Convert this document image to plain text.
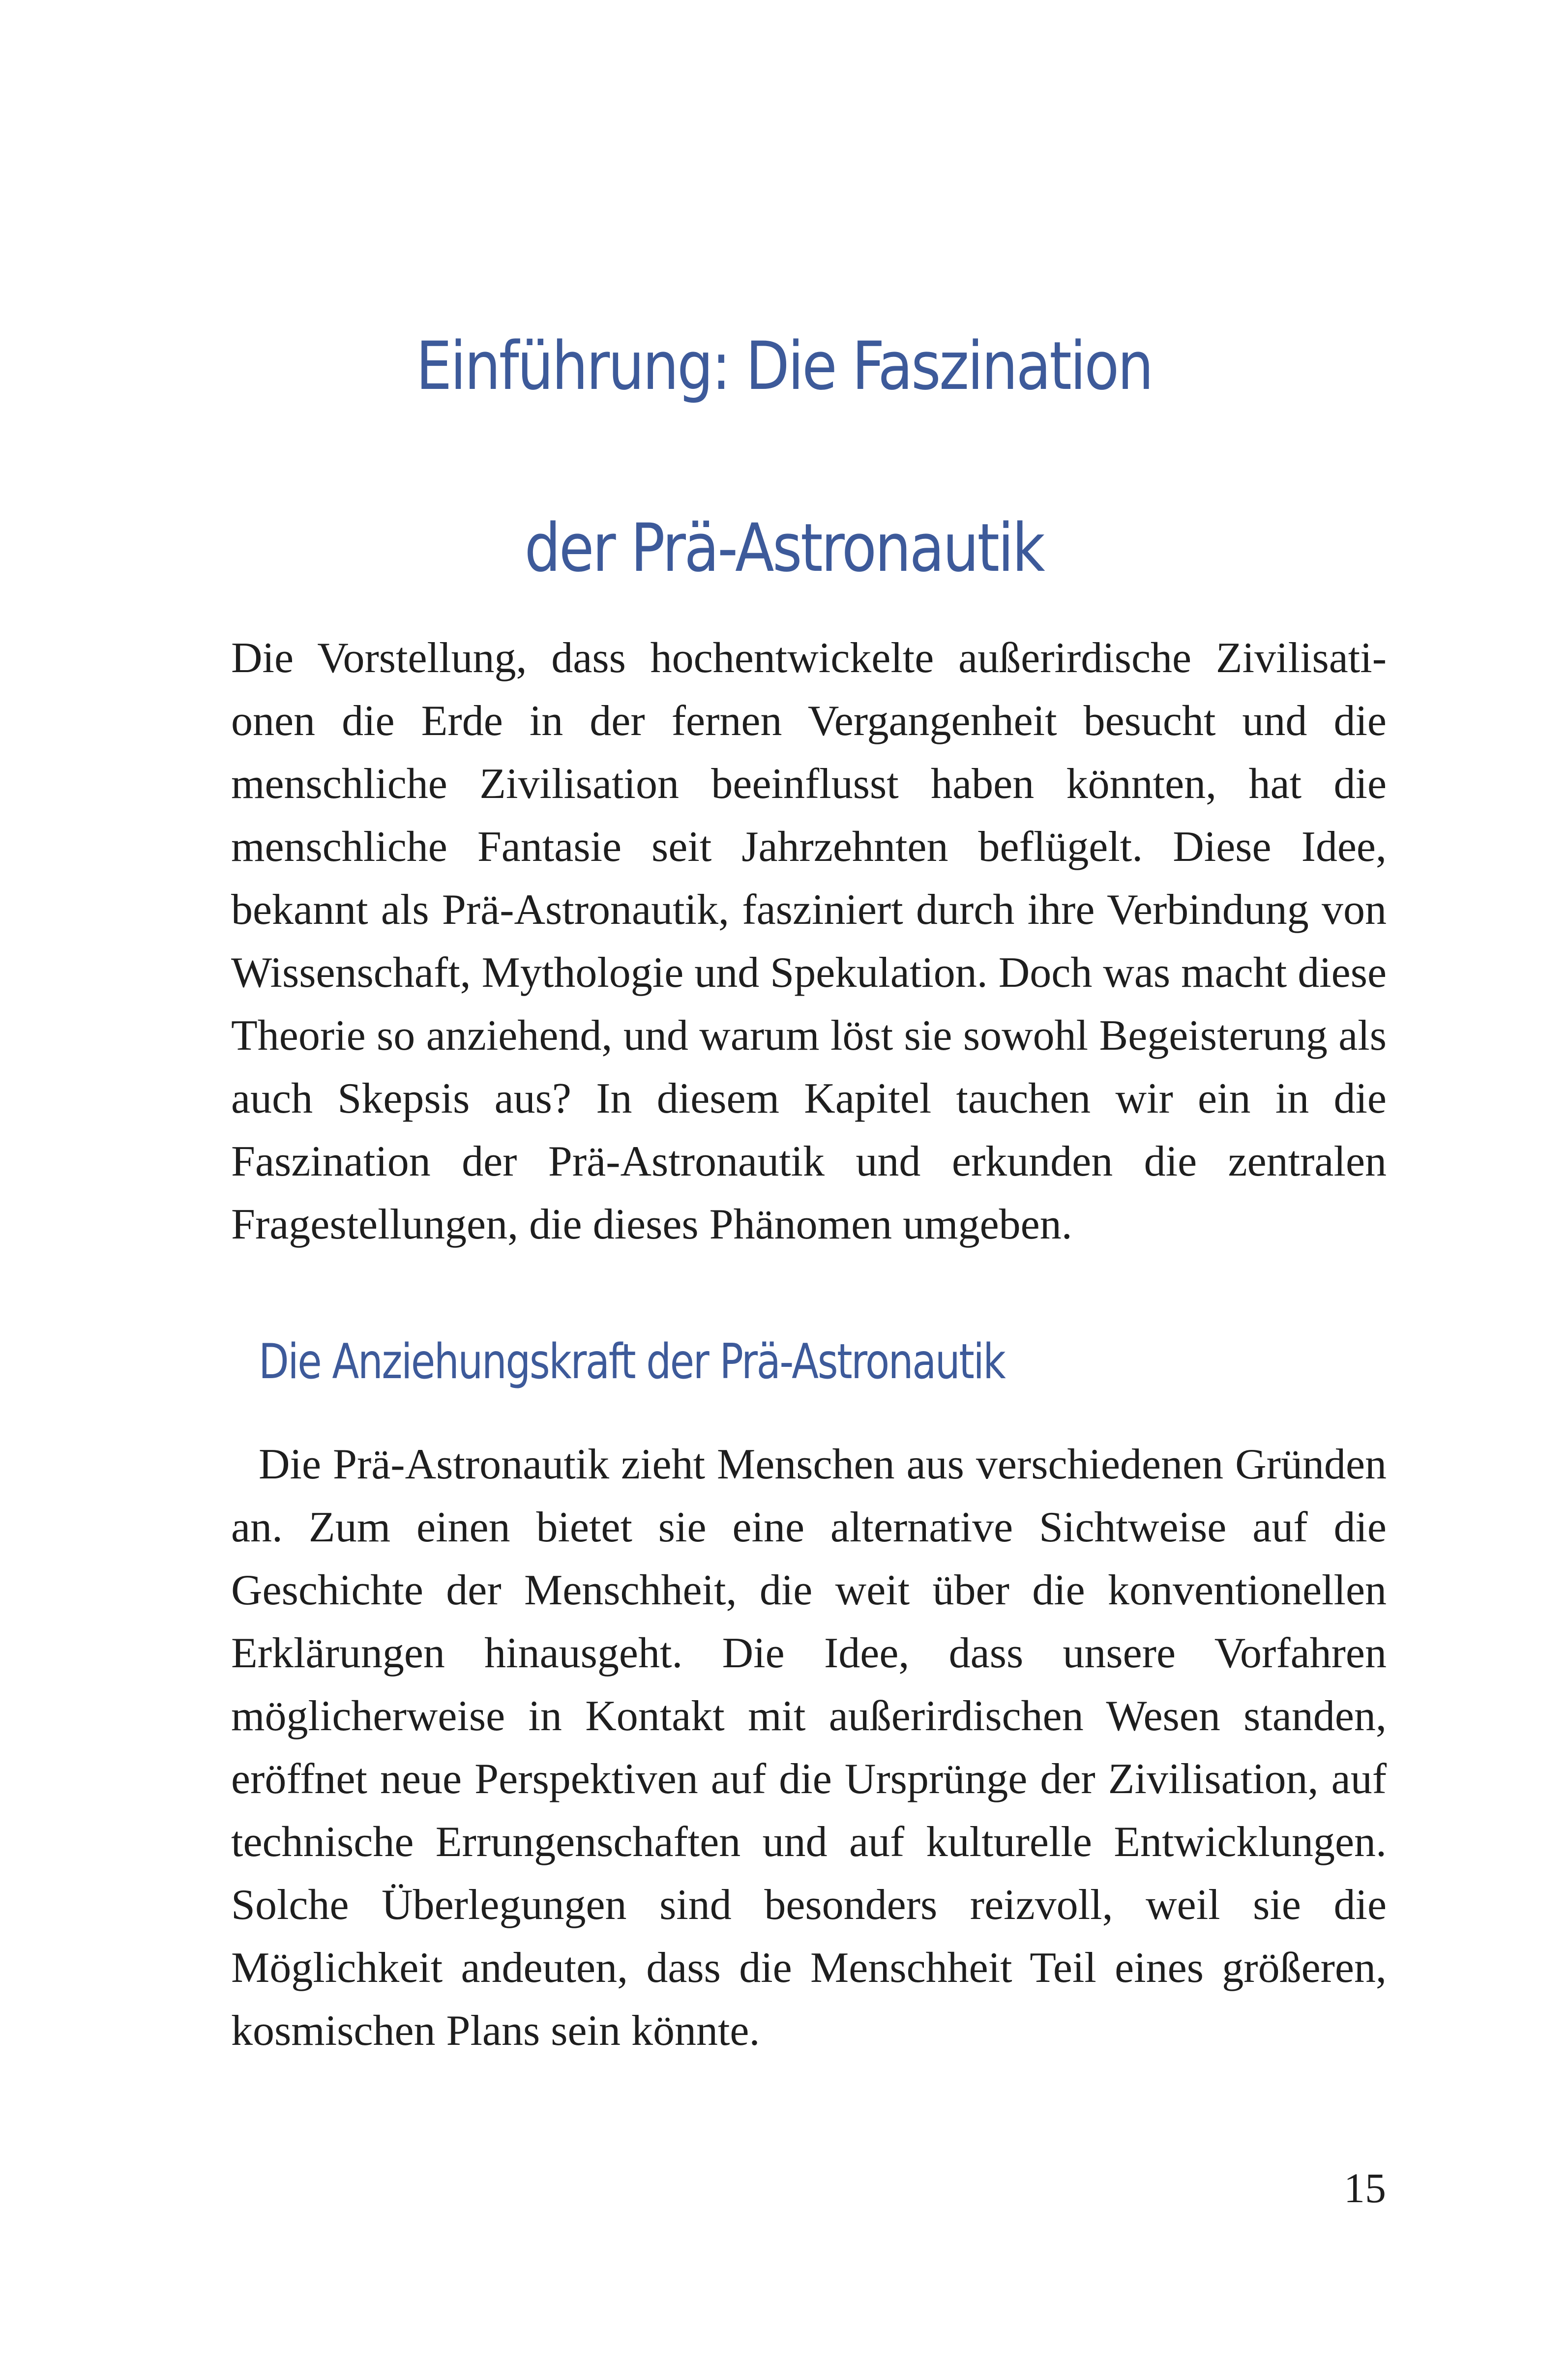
Einführung: Die Faszination
der Prä-Astronautik

Die Vorstellung, dass hochentwickelte außerirdische Zivilisationen die Erde in der fernen Vergangenheit besucht und die menschliche Zivilisation beeinflusst haben könnten, hat die menschliche Fantasie seit Jahrzehnten beflügelt. Diese Idee, bekannt als Prä-Astronautik, fasziniert durch ihre Verbindung von Wissenschaft, Mythologie und Spekulation. Doch was macht diese Theorie so anziehend, und warum löst sie sowohl Begeisterung als auch Skepsis aus? In diesem Kapitel tauchen wir ein in die Faszination der Prä-Astronautik und erkunden die zentralen Fragestellungen, die dieses Phänomen umgeben.

Die Anziehungskraft der Prä-Astronautik

Die Prä-Astronautik zieht Menschen aus verschiedenen Gründen an. Zum einen bietet sie eine alternative Sichtweise auf die Geschichte der Menschheit, die weit über die konventionellen Erklärungen hinausgeht. Die Idee, dass unsere Vorfahren möglicherweise in Kontakt mit außerirdischen Wesen standen, eröffnet neue Perspektiven auf die Ursprünge der Zivilisation, auf technische Errungenschaften und auf kulturelle Entwicklungen. Solche Überlegungen sind besonders reizvoll, weil sie die Möglichkeit andeuten, dass die Menschheit Teil eines größeren, kosmischen Plans sein könnte.

15
